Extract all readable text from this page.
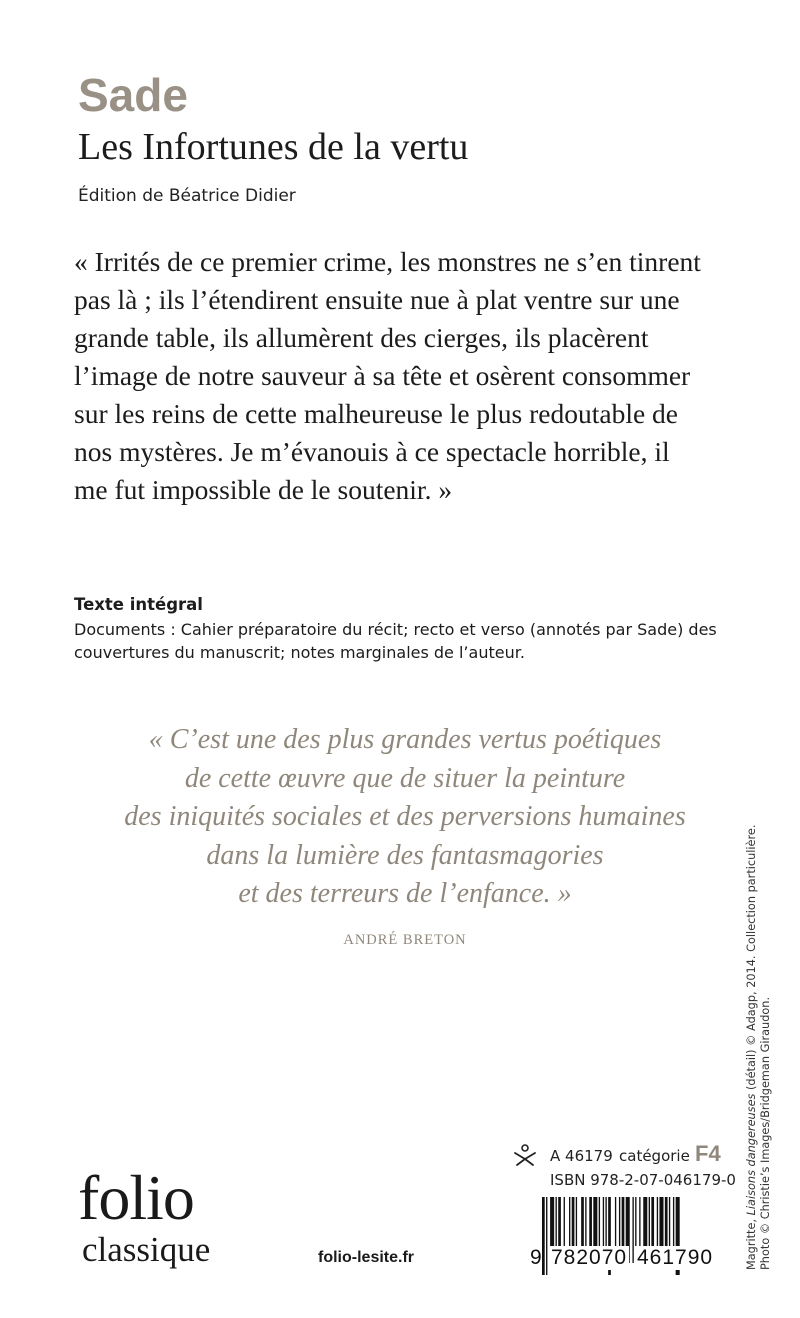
Sade
Les Infortunes de la vertu
Édition de Béatrice Didier
« Irrités de ce premier crime, les monstres ne s’en tinrent
pas là ; ils l’étendirent ensuite nue à plat ventre sur une
grande table, ils allumèrent des cierges, ils placèrent
l’image de notre sauveur à sa tête et osèrent consommer
sur les reins de cette malheureuse le plus redoutable de
nos mystères. Je m’évanouis à ce spectacle horrible, il
me fut impossible de le soutenir. »
Texte intégral
Documents : Cahier préparatoire du récit; recto et verso (annotés par Sade) des
couvertures du manuscrit; notes marginales de l’auteur.
« C’est une des plus grandes vertus poétiques
de cette œuvre que de situer la peinture
des iniquités sociales et des perversions humaines
dans la lumière des fantasmagories
et des terreurs de l’enfance. »
ANDRÉ BRETON
Magritte, Liaisons dangereuses (détail) © Adagp, 2014. Collection particulière.
Photo © Christie’s Images/Bridgeman Giraudon.
A 46179 catégorie F4
ISBN 978-2-07-046179-0
9 782070 461790
folio
classique	folio-lesite.fr
